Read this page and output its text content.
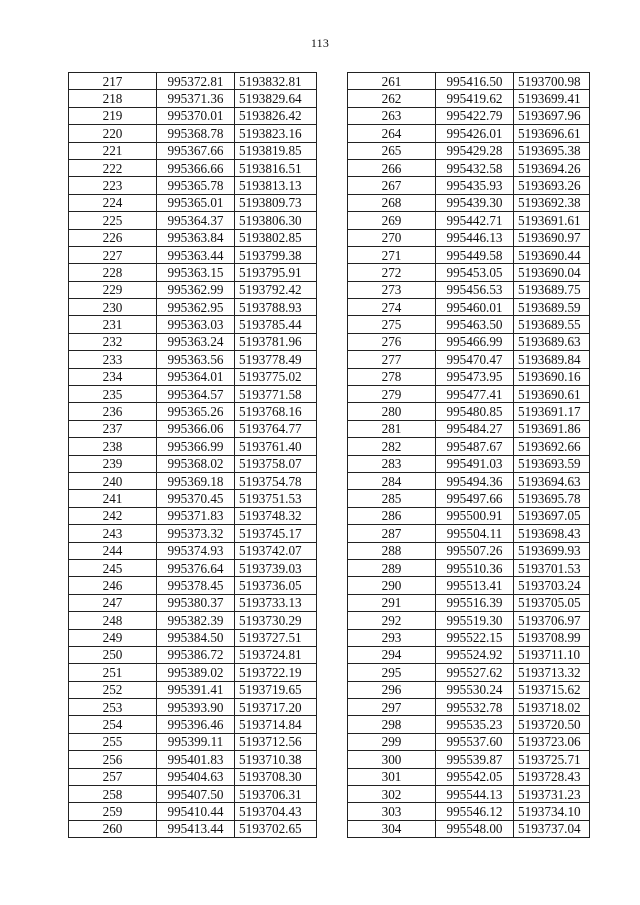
113
217	995372.81	5193832.81
218	995371.36	5193829.64
219	995370.01	5193826.42
220	995368.78	5193823.16
221	995367.66	5193819.85
222	995366.66	5193816.51
223	995365.78	5193813.13
224	995365.01	5193809.73
225	995364.37	5193806.30
226	995363.84	5193802.85
227	995363.44	5193799.38
228	995363.15	5193795.91
229	995362.99	5193792.42
230	995362.95	5193788.93
231	995363.03	5193785.44
232	995363.24	5193781.96
233	995363.56	5193778.49
234	995364.01	5193775.02
235	995364.57	5193771.58
236	995365.26	5193768.16
237	995366.06	5193764.77
238	995366.99	5193761.40
239	995368.02	5193758.07
240	995369.18	5193754.78
241	995370.45	5193751.53
242	995371.83	5193748.32
243	995373.32	5193745.17
244	995374.93	5193742.07
245	995376.64	5193739.03
246	995378.45	5193736.05
247	995380.37	5193733.13
248	995382.39	5193730.29
249	995384.50	5193727.51
250	995386.72	5193724.81
251	995389.02	5193722.19
252	995391.41	5193719.65
253	995393.90	5193717.20
254	995396.46	5193714.84
255	995399.11	5193712.56
256	995401.83	5193710.38
257	995404.63	5193708.30
258	995407.50	5193706.31
259	995410.44	5193704.43
260	995413.44	5193702.65
261	995416.50	5193700.98
262	995419.62	5193699.41
263	995422.79	5193697.96
264	995426.01	5193696.61
265	995429.28	5193695.38
266	995432.58	5193694.26
267	995435.93	5193693.26
268	995439.30	5193692.38
269	995442.71	5193691.61
270	995446.13	5193690.97
271	995449.58	5193690.44
272	995453.05	5193690.04
273	995456.53	5193689.75
274	995460.01	5193689.59
275	995463.50	5193689.55
276	995466.99	5193689.63
277	995470.47	5193689.84
278	995473.95	5193690.16
279	995477.41	5193690.61
280	995480.85	5193691.17
281	995484.27	5193691.86
282	995487.67	5193692.66
283	995491.03	5193693.59
284	995494.36	5193694.63
285	995497.66	5193695.78
286	995500.91	5193697.05
287	995504.11	5193698.43
288	995507.26	5193699.93
289	995510.36	5193701.53
290	995513.41	5193703.24
291	995516.39	5193705.05
292	995519.30	5193706.97
293	995522.15	5193708.99
294	995524.92	5193711.10
295	995527.62	5193713.32
296	995530.24	5193715.62
297	995532.78	5193718.02
298	995535.23	5193720.50
299	995537.60	5193723.06
300	995539.87	5193725.71
301	995542.05	5193728.43
302	995544.13	5193731.23
303	995546.12	5193734.10
304	995548.00	5193737.04
